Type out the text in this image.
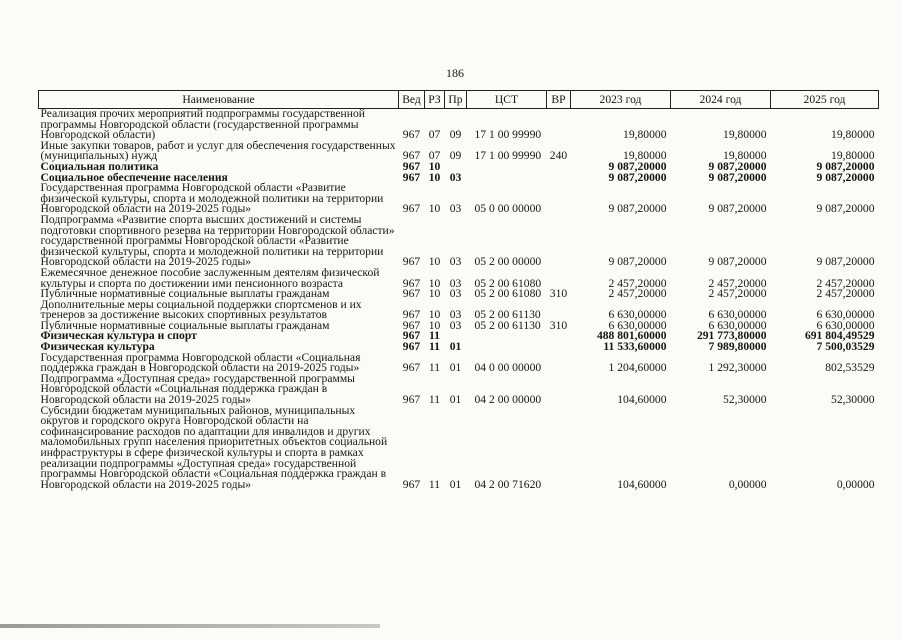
186
Наименование	Вед	РЗ	Пр	ЦСТ	ВР	2023 год	2024 год	2025 год
Реализация прочих мероприятий подпрограммы государственной программы Новгородской области (государственной программы Новгородской области)	967	07	09	17 1 00 99990		19,80000	19,80000	19,80000
Иные закупки товаров, работ и услуг для обеспечения государственных (муниципальных) нужд	967	07	09	17 1 00 99990	240	19,80000	19,80000	19,80000
Социальная политика	967	10				9 087,20000	9 087,20000	9 087,20000
Социальное обеспечение населения	967	10	03			9 087,20000	9 087,20000	9 087,20000
Государственная программа Новгородской области «Развитие физической культуры, спорта и молодежной политики на территории Новгородской области на 2019-2025 годы»	967	10	03	05 0 00 00000		9 087,20000	9 087,20000	9 087,20000
Подпрограмма «Развитие спорта высших достижений и системы подготовки спортивного резерва на территории Новгородской области» государственной программы Новгородской области «Развитие физической культуры, спорта и молодежной политики на территории Новгородской области на 2019-2025 годы»	967	10	03	05 2 00 00000		9 087,20000	9 087,20000	9 087,20000
Ежемесячное денежное пособие заслуженным деятелям физической культуры и спорта по достижении ими пенсионного возраста	967	10	03	05 2 00 61080		2 457,20000	2 457,20000	2 457,20000
Публичные нормативные социальные выплаты гражданам	967	10	03	05 2 00 61080	310	2 457,20000	2 457,20000	2 457,20000
Дополнительные меры социальной поддержки спортсменов и их тренеров за достижение высоких спортивных результатов	967	10	03	05 2 00 61130		6 630,00000	6 630,00000	6 630,00000
Публичные нормативные социальные выплаты гражданам	967	10	03	05 2 00 61130	310	6 630,00000	6 630,00000	6 630,00000
Физическая культура и спорт	967	11				488 801,60000	291 773,80000	691 804,49529
Физическая культура	967	11	01			11 533,60000	7 989,80000	7 500,03529
Государственная программа Новгородской области «Социальная поддержка граждан в Новгородской области на 2019-2025 годы»	967	11	01	04 0 00 00000		1 204,60000	1 292,30000	802,53529
Подпрограмма «Доступная среда» государственной программы Новгородской области «Социальная поддержка граждан в Новгородской области на 2019-2025 годы»	967	11	01	04 2 00 00000		104,60000	52,30000	52,30000
Субсидии бюджетам муниципальных районов, муниципальных округов и городского округа Новгородской области на софинансирование расходов по адаптации для инвалидов и других маломобильных групп населения приоритетных объектов социальной инфраструктуры в сфере физической культуры и спорта в рамках реализации подпрограммы «Доступная среда» государственной программы Новгородской области «Социальная поддержка граждан в Новгородской области на 2019-2025 годы»	967	11	01	04 2 00 71620		104,60000	0,00000	0,00000
